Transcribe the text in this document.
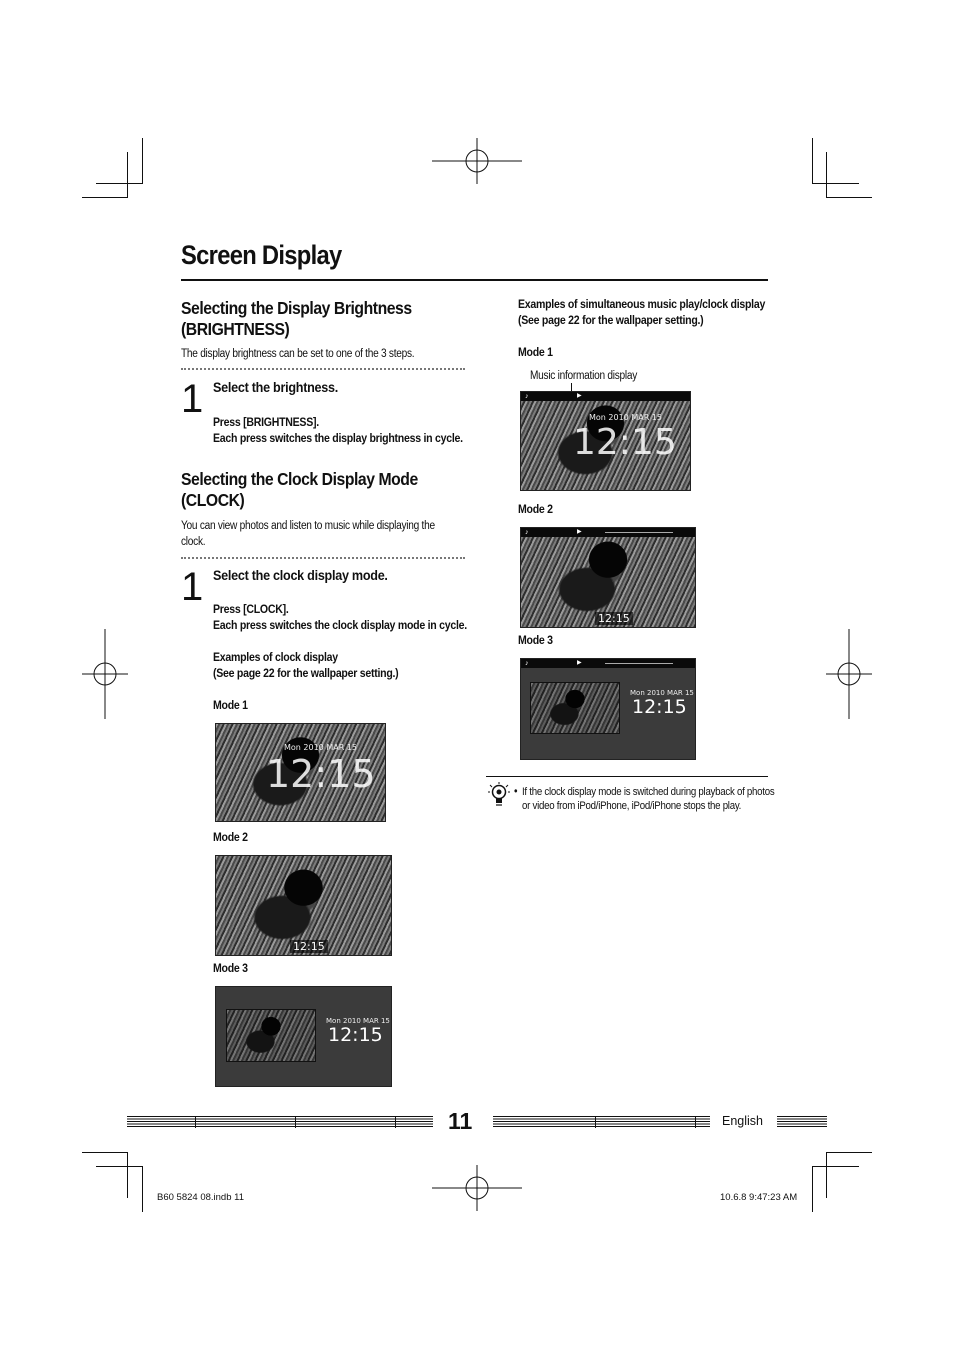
Screen Display
Selecting the Display Brightness
(BRIGHTNESS)
The display brightness can be set to one of the 3 steps.
1 Select the brightness.
Press [BRIGHTNESS].
Each press switches the display brightness in cycle.
Selecting the Clock Display Mode
(CLOCK)
You can view photos and listen to music while displaying the
clock.
1 Select the clock display mode.
Press [CLOCK].
Each press switches the clock display mode in cycle.
Examples of clock display
(See page 22 for the wallpaper setting.)
Mode 1
Mon 2010 MAR 15
12:15
Mode 2
12:15
Mode 3
Mon 2010 MAR 15
12:15
Examples of simultaneous music play/clock display
(See page 22 for the wallpaper setting.)
Mode 1
Music information display
♪	▶
Mon 2010 MAR 15
12:15
Mode 2
♪	▶
12:15
Mode 3
♪	▶
Mon 2010 MAR 15
12:15
• If the clock display mode is switched during playback of photos
or video from iPod/iPhone, iPod/iPhone stops the play.
11	English
B60 5824 08.indb 11	10.6.8 9:47:23 AM
